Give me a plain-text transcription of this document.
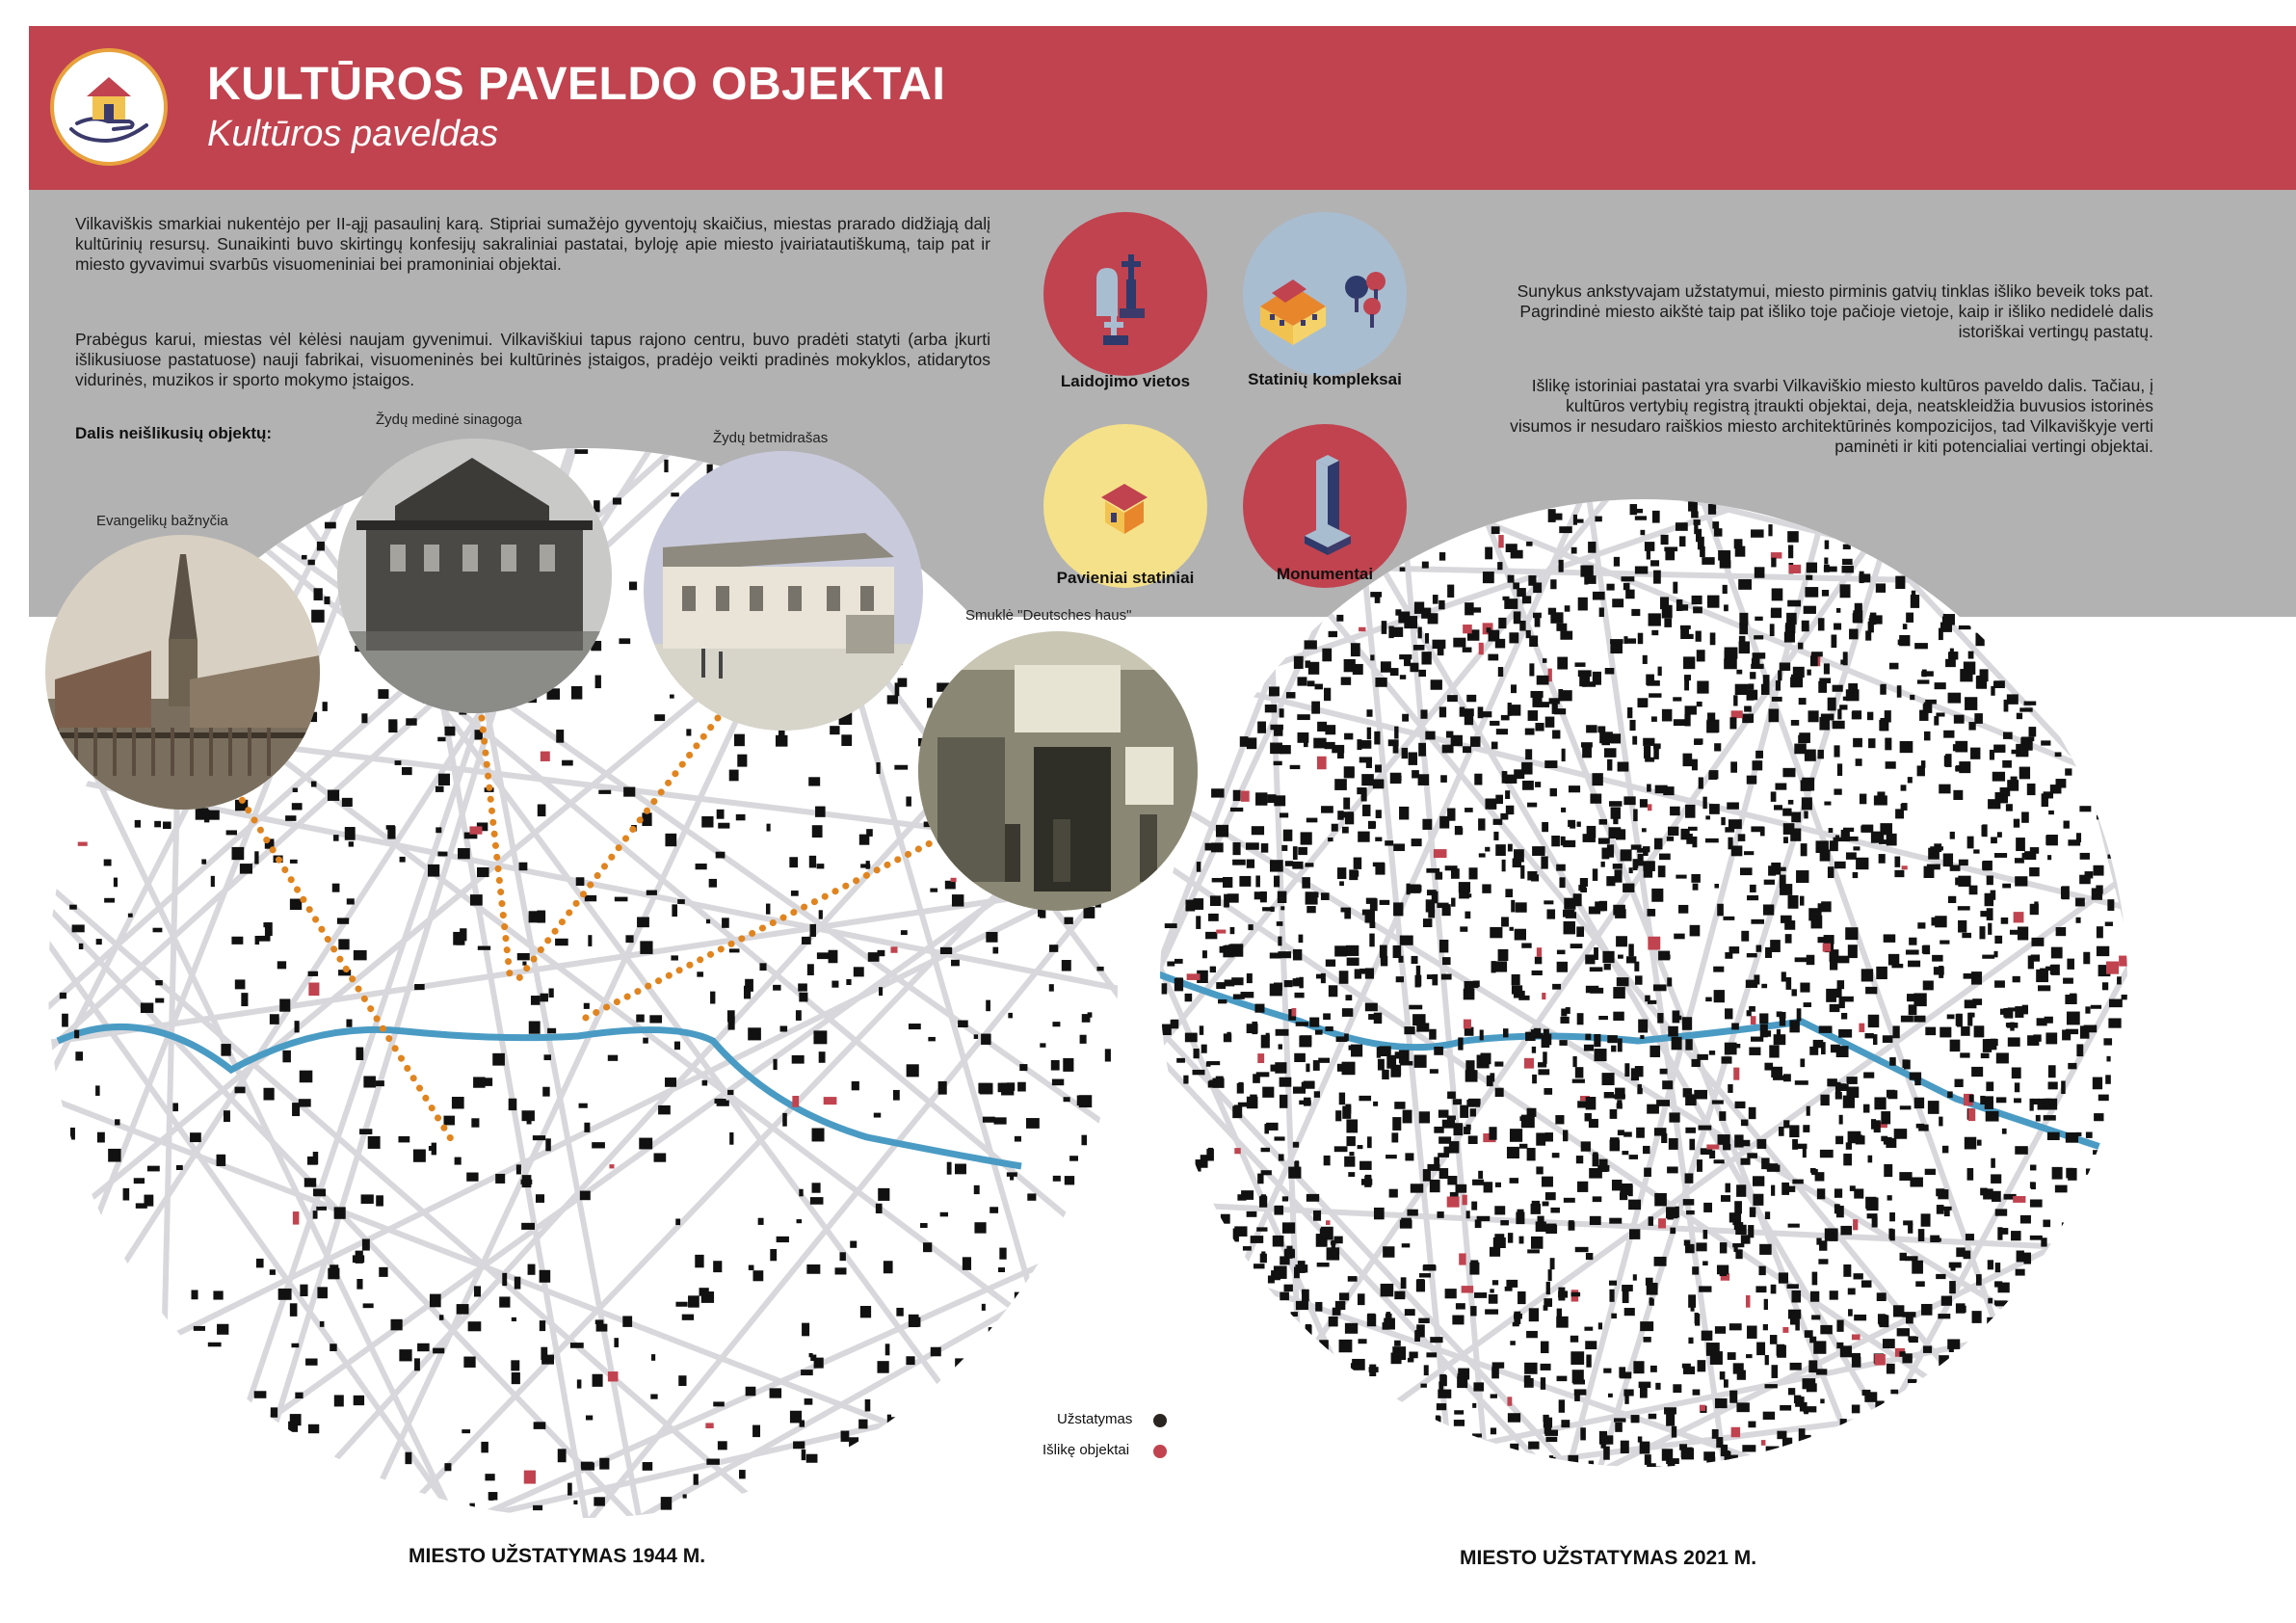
KULTŪROS PAVELDO OBJEKTAI
Kultūros paveldas
Vilkaviškis smarkiai nukentėjo per II-ąjį pasaulinį karą. Stipriai sumažėjo gyventojų skaičius, miestas prarado didžiąją dalį kultūrinių resursų. Sunaikinti buvo skirtingų konfesijų sakraliniai pastatai, byloję apie miesto įvairiatautiškumą, taip pat ir miesto gyvavimui svarbūs visuomeniniai bei pramoniniai objektai.
Prabėgus karui, miestas vėl kėlėsi naujam gyvenimui. Vilkaviškiui tapus rajono centru, buvo pradėti statyti (arba įkurti išlikusiuose pastatuose) nauji fabrikai, visuomeninės bei kultūrinės įstaigos, pradėjo veikti pradinės mokyklos, atidarytos vidurinės, muzikos ir sporto mokymo įstaigos.
Dalis neišlikusių objektų:
Sunykus ankstyvajam užstatymui, miesto pirminis gatvių tinklas išliko beveik toks pat. Pagrindinė miesto aikštė taip pat išliko toje pačioje vietoje, kaip ir išliko nedidelė dalis istoriškai vertingų pastatų.
Išlikę istoriniai pastatai yra svarbi Vilkaviškio miesto kultūros paveldo dalis. Tačiau, į kultūros vertybių registrą įtraukti objektai, deja, neatskleidžia buvusios istorinės visumos ir nesudaro raiškios miesto architektūrinės kompozicijos, tad Vilkaviškyje verti paminėti ir kiti potencialiai vertingi objektai.
Laidojimo vietos	Statinių kompleksai
Pavieniai statiniai	Monumentai
Evangelikų bažnyčia
Žydų medinė sinagoga
Žydų betmidrašas
Smuklė "Deutsches haus"
Užstatymas
Išlikę objektai
MIESTO UŽSTATYMAS 1944 M.	MIESTO UŽSTATYMAS 2021 M.
